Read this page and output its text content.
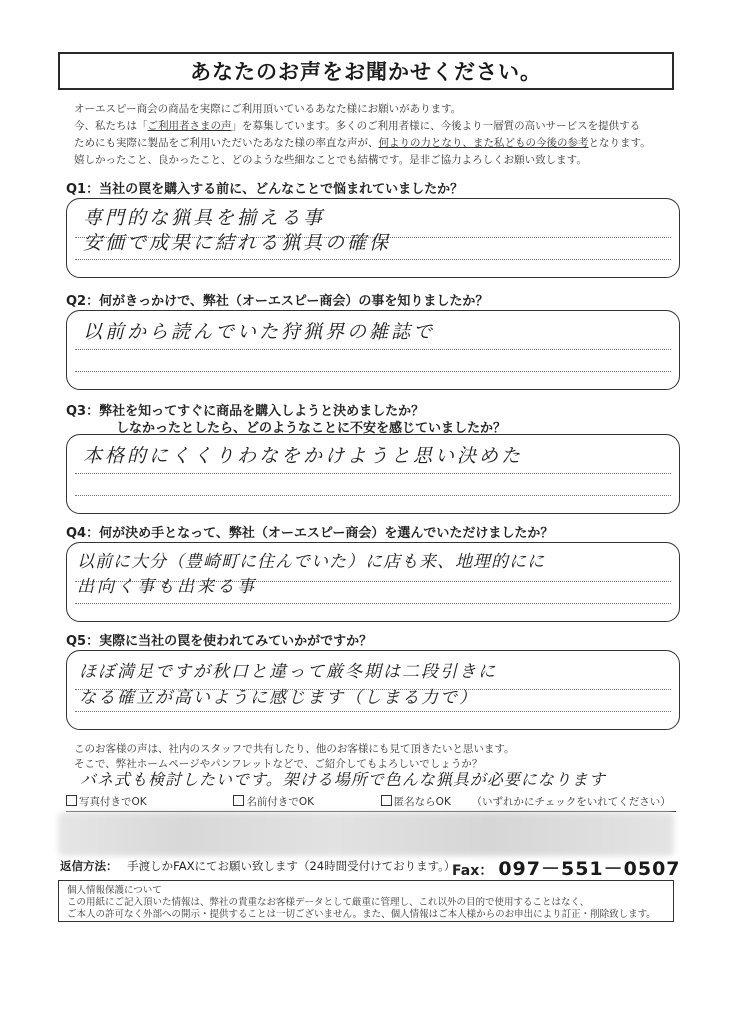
あなたのお声をお聞かせください。

オーエスピー商会の商品を実際にご利用頂いているあなた様にお願いがあります。

今、私たちは「ご利用者さまの声」を募集しています。多くのご利用者様に、今後より一層質の高いサービスを提供する

ためにも実際に製品をご利用いただいたあなた様の率直な声が、何よりの力となり、また私どもの今後の参考となります。

嬉しかったこと、良かったこと、どのような些細なことでも結構です。是非ご協力よろしくお願い致します。

Q1：当社の罠を購入する前に、どんなことで悩まれていましたか？
専門的な猟具を揃える事
安価で成果に結れる猟具の確保
Q2：何がきっかけで、弊社（オーエスピー商会）の事を知りましたか？
以前から読んでいた狩猟界の雑誌で
Q3：弊社を知ってすぐに商品を購入しようと決めましたか？
しなかったとしたら、どのようなことに不安を感じていましたか？
本格的にくくりわなをかけようと思い決めた
Q4：何が決め手となって、弊社（オーエスピー商会）を選んでいただけましたか？
以前に大分（豊崎町に住んでいた）に店も来、地理的にに
出向く事も出来る事
Q5：実際に当社の罠を使われてみていかがですか？
ほぼ満足ですが秋口と違って厳冬期は二段引きに
なる確立が高いように感じます（しまる力で）
このお客様の声は、社内のスタッフで共有したり、他のお客様にも見て頂きたいと思います。
そこで、弊社ホームページやパンフレットなどで、ご紹介してもよろしいでしょうか？
バネ式も検討したいです。架ける場所で色んな猟具が必要になります
写真付きでOK	名前付きでOK	匿名ならOK （いずれかにチェックをいれてください）
返信方法： 手渡しかFAXにてお願い致します（24時間受付けております。）
Fax： 097－551－0507

個人情報保護について

この用紙にご記入頂いた情報は、弊社の貴重なお客様データとして厳重に管理し、これ以外の目的で使用することはなく、

ご本人の許可なく外部への開示・提供することは一切ございません。また、個人情報はご本人様からのお申出により訂正・削除致します。
